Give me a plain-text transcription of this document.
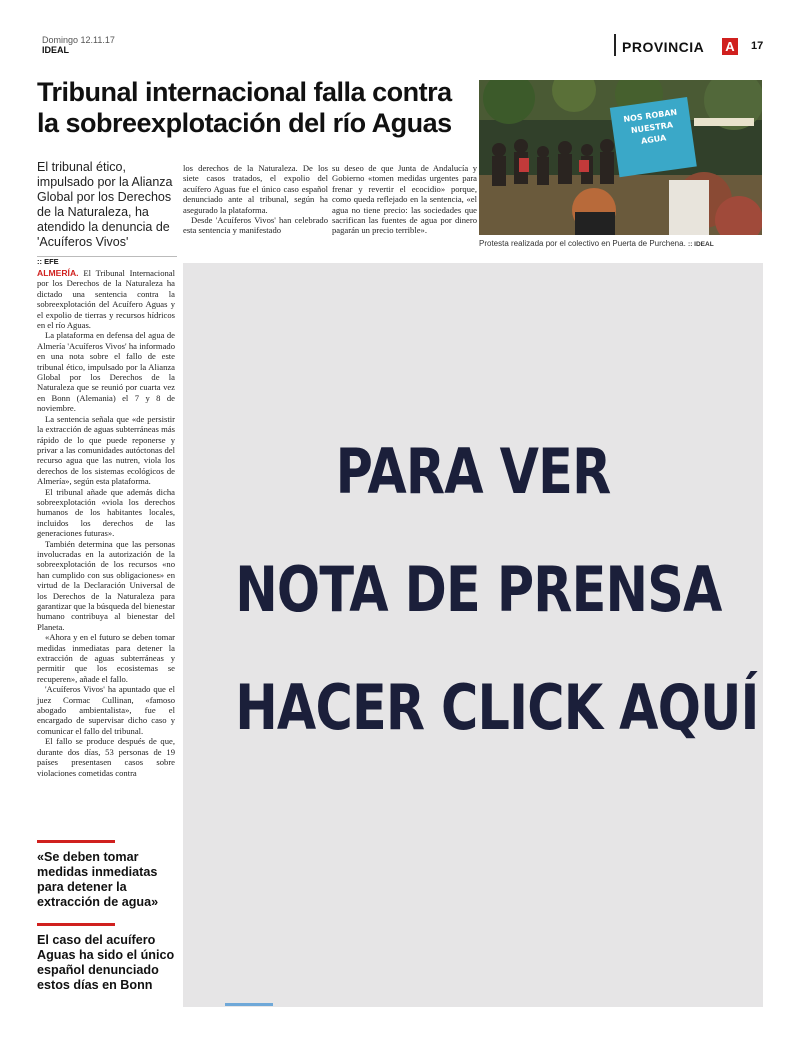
Domingo 12.11.17
IDEAL	PROVINCIA A	17
Tribunal internacional falla contra la sobreexplotación del río Aguas	NOS ROBAN
NUESTRA
AGUA
Protesta realizada por el colectivo en Puerta de Purchena. :: IDEAL

El tribunal ético, impulsado por la Alianza Global por los Derechos de la Naturaleza, ha atendido la denuncia de 'Acuíferos Vivos'

los derechos de la Naturaleza. De los siete casos tratados, el expolio del acuífero Aguas fue el único caso español denunciado ante al tribunal, según ha asegurado la plataforma.

Desde 'Acuíferos Vivos' han celebrado esta sentencia y manifestado

su deseo de que Junta de Andalucía y Gobierno «tomen medidas urgentes para frenar y revertir el ecocidio» porque, como queda reflejado en la sentencia, «el agua no tiene precio: las sociedades que sacrifican las fuentes de agua por dinero pagarán un precio terrible».

:: EFE

ALMERÍA. El Tribunal Internacional por los Derechos de la Naturaleza ha dictado una sentencia contra la sobreexplotación del Acuífero Aguas y el expolio de tierras y recursos hídricos en el río Aguas.

La plataforma en defensa del agua de Almería 'Acuíferos Vivos' ha informado en una nota sobre el fallo de este tribunal ético, impulsado por la Alianza Global por los Derechos de la Naturaleza que se reunió por cuarta vez en Bonn (Alemania) el 7 y 8 de noviembre.

La sentencia señala que «de persistir la extracción de aguas subterráneas más rápido de lo que puede reponerse y privar a las comunidades autóctonas del recurso agua que las nutren, viola los derechos de los sistemas ecológicos de Almería», según esta plataforma.

El tribunal añade que además dicha sobreexplotación «viola los derechos humanos de los habitantes locales, incluidos los derechos de las generaciones futuras».

También determina que las personas involucradas en la autorización de la sobreexplotación de los recursos «no han cumplido con sus obligaciones» en virtud de la Declaración Universal de los Derechos de la Naturaleza para garantizar que la búsqueda del bienestar humano contribuya al bienestar del Planeta.

«Ahora y en el futuro se deben tomar medidas inmediatas para detener la extracción de aguas subterráneas y permitir que los ecosistemas se recuperen», añade el fallo.

'Acuíferos Vivos' ha apuntado que el juez Cormac Cullinan, «famoso abogado ambientalista», fue el encargado de supervisar dicho caso y comunicar el fallo del tribunal.

El fallo se produce después de que, durante dos días, 53 personas de 19 países presentasen casos sobre violaciones cometidas contra

«Se deben tomar medidas inmediatas para detener la extracción de agua»

El caso del acuífero Aguas ha sido el único español denunciado estos días en Bonn

PARA VER
NOTA DE PRENSA
HACER CLICK AQUÍ
